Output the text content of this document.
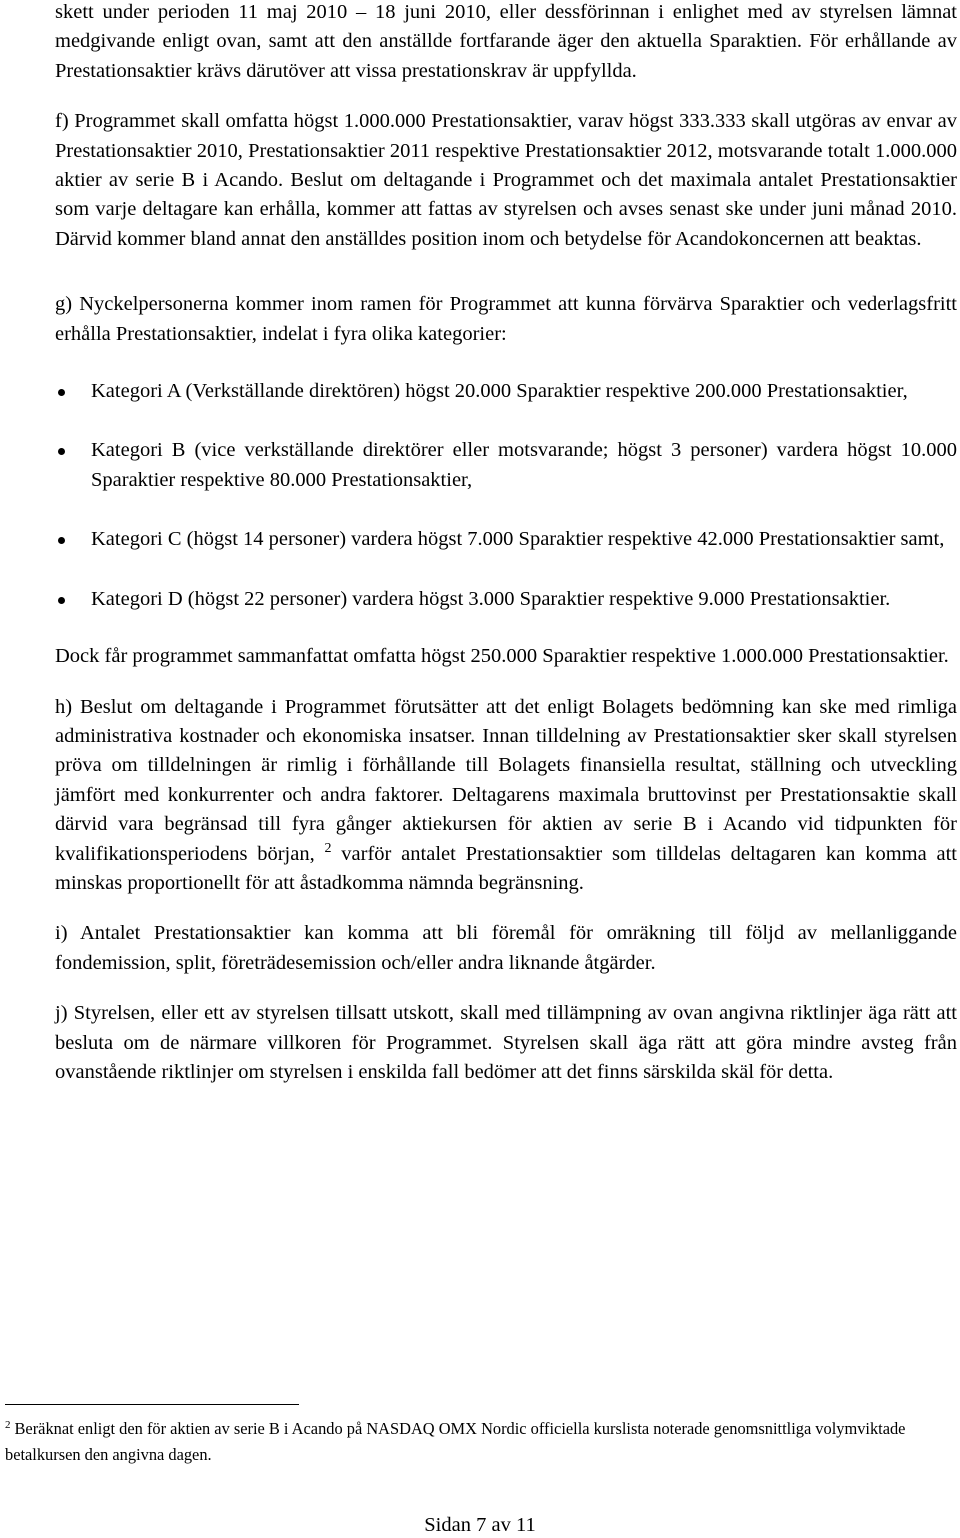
skett under perioden 11 maj 2010 – 18 juni 2010, eller dessförinnan i enlighet med av styrelsen lämnat medgivande enligt ovan, samt att den anställde fortfarande äger den aktuella Sparaktien. För erhållande av Prestationsaktier krävs därutöver att vissa prestationskrav är uppfyllda.

f) Programmet skall omfatta högst 1.000.000 Prestationsaktier, varav högst 333.333 skall utgöras av envar av Prestationsaktier 2010, Prestationsaktier 2011 respektive Prestationsaktier 2012, motsvarande totalt 1.000.000 aktier av serie B i Acando. Beslut om deltagande i Programmet och det maximala antalet Prestationsaktier som varje deltagare kan erhålla, kommer att fattas av styrelsen och avses senast ske under juni månad 2010. Därvid kommer bland annat den anställdes position inom och betydelse för Acandokoncernen att beaktas.

g) Nyckelpersonerna kommer inom ramen för Programmet att kunna förvärva Sparaktier och vederlagsfritt erhålla Prestationsaktier, indelat i fyra olika kategorier:

Kategori A (Verkställande direktören) högst 20.000 Sparaktier respektive 200.000 Prestationsaktier,
Kategori B (vice verkställande direktörer eller motsvarande; högst 3 personer) vardera högst 10.000 Sparaktier respektive 80.000 Prestationsaktier,
Kategori C (högst 14 personer) vardera högst 7.000 Sparaktier respektive 42.000 Prestationsaktier samt,
Kategori D (högst 22 personer) vardera högst 3.000 Sparaktier respektive 9.000 Prestationsaktier.

Dock får programmet sammanfattat omfatta högst 250.000 Sparaktier respektive 1.000.000 Prestationsaktier.

h) Beslut om deltagande i Programmet förutsätter att det enligt Bolagets bedömning kan ske med rimliga administrativa kostnader och ekonomiska insatser. Innan tilldelning av Prestationsaktier sker skall styrelsen pröva om tilldelningen är rimlig i förhållande till Bolagets finansiella resultat, ställning och utveckling jämfört med konkurrenter och andra faktorer. Deltagarens maximala bruttovinst per Prestationsaktie skall därvid vara begränsad till fyra gånger aktiekursen för aktien av serie B i Acando vid tidpunkten för kvalifikationsperiodens början, $^2$ varför antalet Prestationsaktier som tilldelas deltagaren kan komma att minskas proportionellt för att åstadkomma nämnda begränsning.

i) Antalet Prestationsaktier kan komma att bli föremål för omräkning till följd av mellanliggande fondemission, split, företrädesemission och/eller andra liknande åtgärder.

j) Styrelsen, eller ett av styrelsen tillsatt utskott, skall med tillämpning av ovan angivna riktlinjer äga rätt att besluta om de närmare villkoren för Programmet. Styrelsen skall äga rätt att göra mindre avsteg från ovanstående riktlinjer om styrelsen i enskilda fall bedömer att det finns särskilda skäl för detta.

$^2$ Beräknat enligt den för aktien av serie B i Acando på NASDAQ OMX Nordic officiella kurslista noterade genomsnittliga volymviktade betalkursen den angivna dagen.
Sidan 7 av 11
